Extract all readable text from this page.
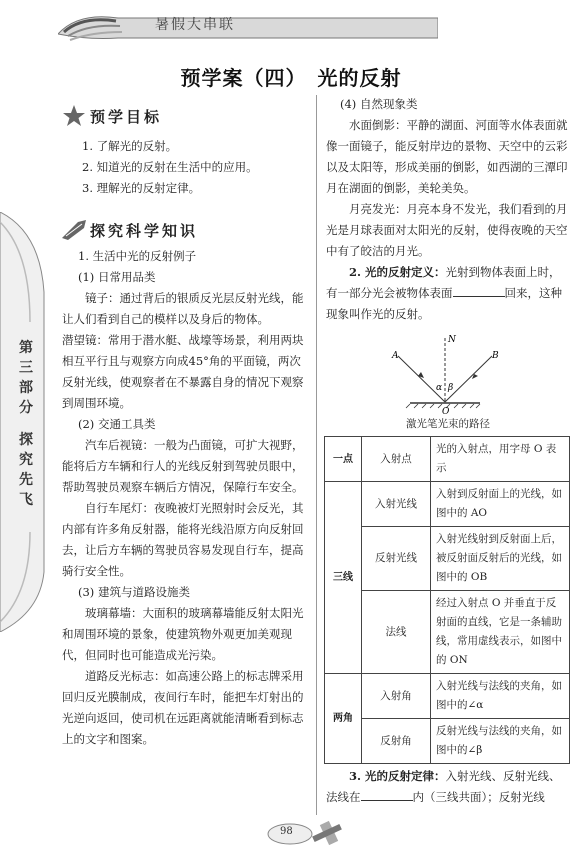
暑假大串联
预学案（四）　光的反射
第
三
部
分
探
究
先
飞
预学目标
1. 了解光的反射。
2. 知道光的反射在生活中的应用。
3. 理解光的反射定律。
探究科学知识
1. 生活中光的反射例子
(1) 日常用品类
镜子：通过背后的银质反光层反射光线，能让人们看到自己的模样以及身后的物体。
潜望镜：常用于潜水艇、战壕等场景，利用两块相互平行且与观察方向成45°角的平面镜，两次反射光线，使观察者在不暴露自身的情况下观察到周围环境。
(2) 交通工具类
汽车后视镜：一般为凸面镜，可扩大视野，能将后方车辆和行人的光线反射到驾驶员眼中，帮助驾驶员观察车辆后方情况，保障行车安全。
自行车尾灯：夜晚被灯光照射时会反光，其内部有许多角反射器，能将光线沿原方向反射回去，让后方车辆的驾驶员容易发现自行车，提高骑行安全性。
(3) 建筑与道路设施类
玻璃幕墙：大面积的玻璃幕墙能反射太阳光和周围环境的景象，使建筑物外观更加美观现代，但同时也可能造成光污染。
道路反光标志：如高速公路上的标志牌采用回归反光膜制成，夜间行车时，能把车灯射出的光逆向返回，使司机在远距离就能清晰看到标志上的文字和图案。
(4) 自然现象类
水面倒影：平静的湖面、河面等水体表面就像一面镜子，能反射岸边的景物、天空中的云彩以及太阳等，形成美丽的倒影，如西湖的三潭印月在湖面的倒影，美轮美奂。
月亮发光：月亮本身不发光，我们看到的月光是月球表面对太阳光的反射，使得夜晚的天空中有了皎洁的月光。
2. 光的反射定义：光射到物体表面上时，有一部分光会被物体表面	回来，这种现象叫作光的反射。
N
A	B
α β
O
激光笔光束的路径
一点	入射点	光的入射点，用字母 O 表示
三线	入射光线	入射到反射面上的光线，如图中的 AO
	反射光线	入射光线射到反射面上后，被反射面反射后的光线，如图中的 OB
	法线	经过入射点 O 并垂直于反射面的直线，它是一条辅助线，常用虚线表示，如图中的 ON
两角	入射角	入射光线与法线的夹角，如图中的∠α
	反射角	反射光线与法线的夹角，如图中的∠β
3. 光的反射定律：入射光线、反射光线、法线在	内（三线共面）；反射光线
98
